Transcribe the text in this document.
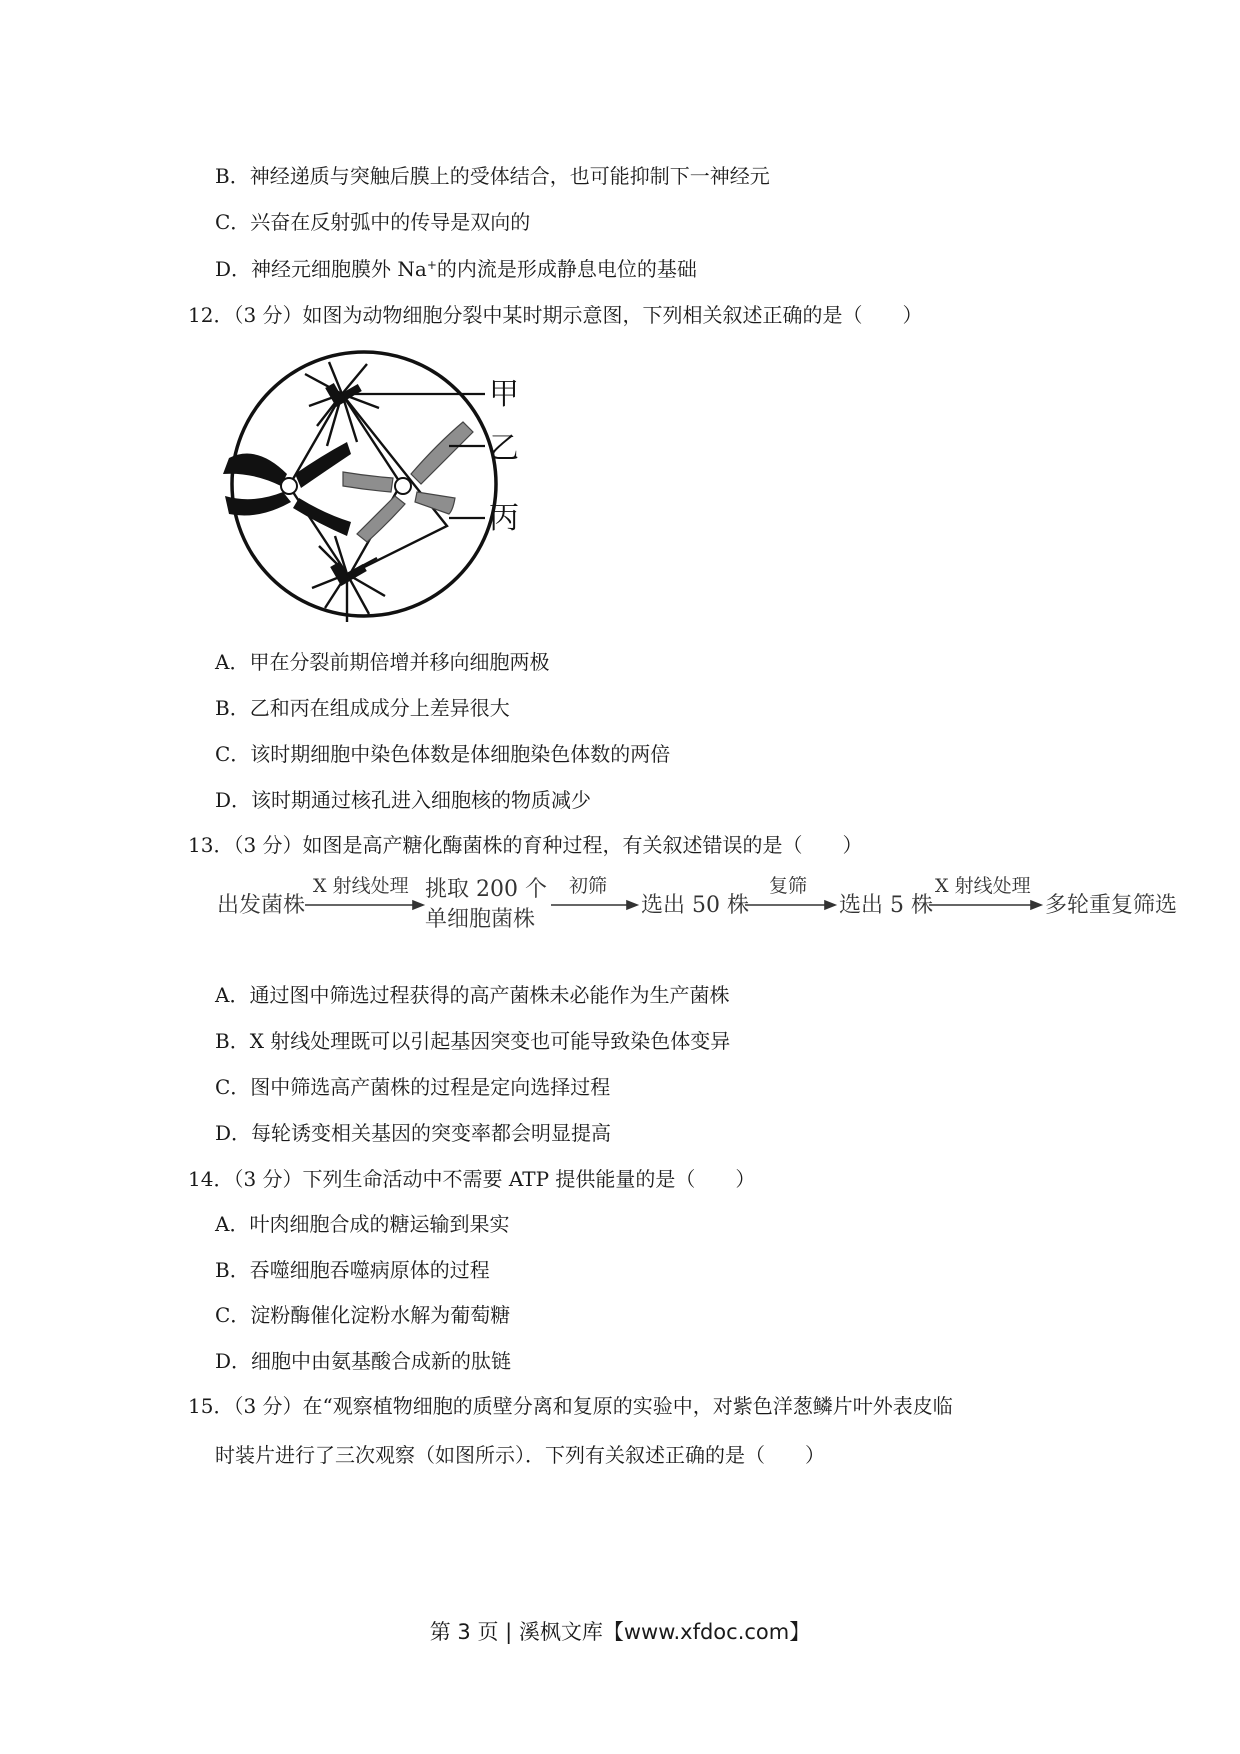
B．神经递质与突触后膜上的受体结合，也可能抑制下一神经元
C．兴奋在反射弧中的传导是双向的
D．神经元细胞膜外 Na+的内流是形成静息电位的基础
12．（3 分）如图为动物细胞分裂中某时期示意图，下列相关叙述正确的是（　　）
甲
乙
丙
A．甲在分裂前期倍增并移向细胞两极
B．乙和丙在组成成分上差异很大
C．该时期细胞中染色体数是体细胞染色体数的两倍
D．该时期通过核孔进入细胞核的物质减少
13．（3 分）如图是高产糖化酶菌株的育种过程，有关叙述错误的是（　　）
出发菌株
X 射线处理 挑取 200 个
单细胞菌株
初筛
选出 50 株
复筛
选出 5 株
X 射线处理
多轮重复筛选
A．通过图中筛选过程获得的高产菌株未必能作为生产菌株
B．X 射线处理既可以引起基因突变也可能导致染色体变异
C．图中筛选高产菌株的过程是定向选择过程
D．每轮诱变相关基因的突变率都会明显提高
14．（3 分）下列生命活动中不需要 ATP 提供能量的是（　　）
A．叶肉细胞合成的糖运输到果实
B．吞噬细胞吞噬病原体的过程
C．淀粉酶催化淀粉水解为葡萄糖
D．细胞中由氨基酸合成新的肽链
15．（3 分）在“观察植物细胞的质壁分离和复原的实验中，对紫色洋葱鳞片叶外表皮临
时装片进行了三次观察（如图所示）．下列有关叙述正确的是（　　）
第 3 页 | 溪枫文库【www.xfdoc.com】
